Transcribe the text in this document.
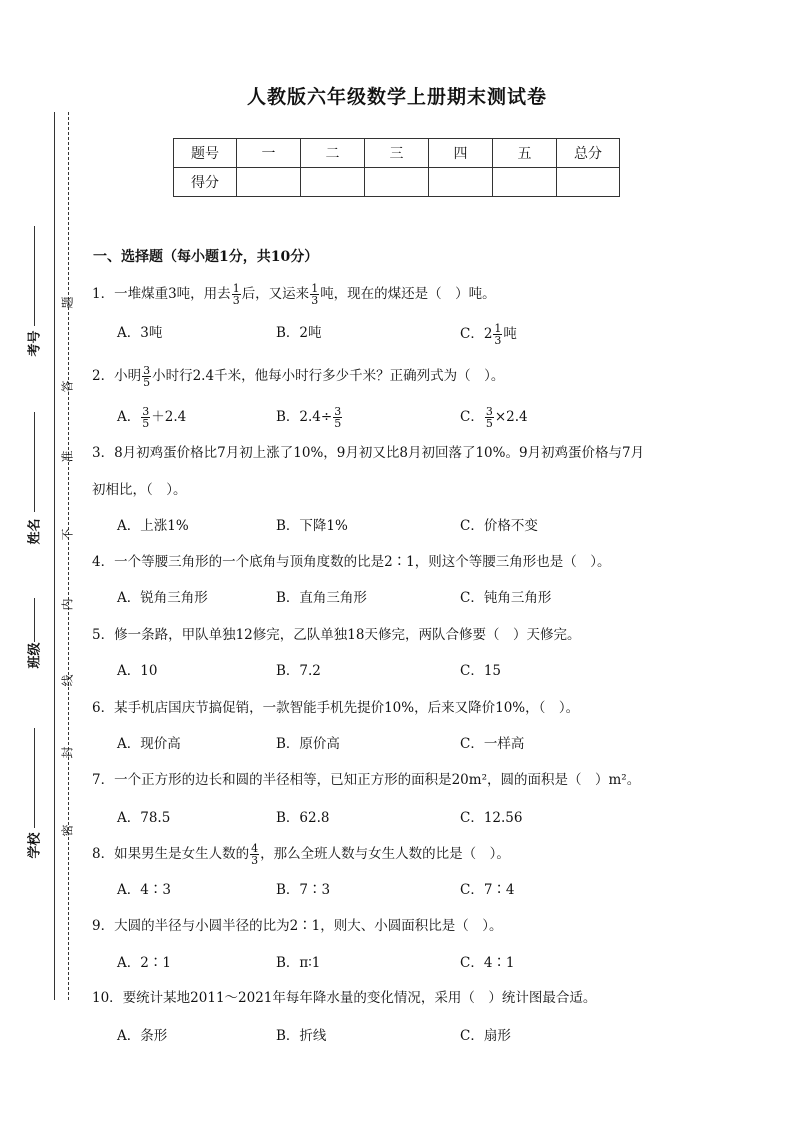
题
答
准
不
内
线
封
密
考号
姓名
班级
学校
人教版六年级数学上册期末测试卷
题号	一	二	三	四	五	总分
得分						
一、选择题（每小题1分，共10分）
1．一堆煤重3吨，用去 $\frac{1}{3}$ 后，又运来 $\frac{1}{3}$ 吨，现在的煤还是（　）吨。
A．3吨	B．2吨	C．$2 \frac{1}{3}$ 吨
2．小明 $\frac{3}{5}$ 小时行2.4千米，他每小时行多少千米？正确列式为（　）。
A． $\frac{3}{5} +2.4$	B．$2.4\div \frac{3}{5}$	C． $\frac{3}{5} \times 2.4$
3．8月初鸡蛋价格比7月初上涨了10%，9月初又比8月初回落了10%。9月初鸡蛋价格与7月
初相比，（　）。
A．上涨1%	B．下降1%	C．价格不变
4．一个等腰三角形的一个底角与顶角度数的比是2∶1，则这个等腰三角形也是（　）。
A．锐角三角形	B．直角三角形	C．钝角三角形
5．修一条路，甲队单独12修完，乙队单独18天修完，两队合修要（　）天修完。
A．10	B．7.2	C．15
6．某手机店国庆节搞促销，一款智能手机先提价10%，后来又降价10%，（　）。
A．现价高	B．原价高	C．一样高
7．一个正方形的边长和圆的半径相等，已知正方形的面积是20m²，圆的面积是（　）m²。
A．78.5	B．62.8	C．12.56
8．如果男生是女生人数的 $\frac{4}{3}$ ，那么全班人数与女生人数的比是（　）。
A．4∶3	B．7∶3	C．7∶4
9．大圆的半径与小圆半径的比为2∶1，则大、小圆面积比是（　）。
A．2∶1	B．π∶1	C．4∶1
10．要统计某地2011～2021年每年降水量的变化情况，采用（　）统计图最合适。
A．条形	B．折线	C．扇形
